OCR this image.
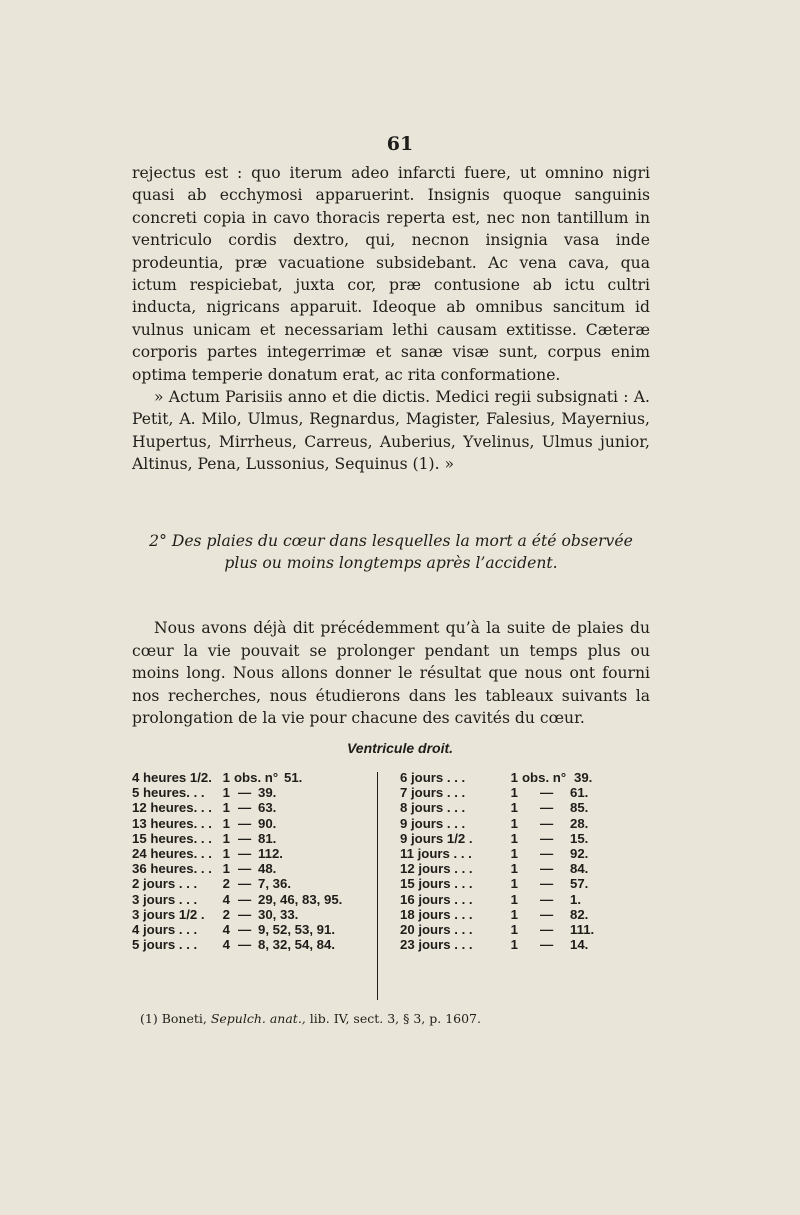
61

rejectus est : quo iterum adeo infarcti fuere, ut omnino nigri quasi ab ecchymosi apparuerint. Insignis quoque sanguinis concreti copia in cavo thoracis reperta est, nec non tantillum in ventriculo cordis dextro, qui, necnon insignia vasa inde prodeuntia, præ vacuatione subsidebant. Ac vena cava, qua ictum respiciebat, juxta cor, præ contusione ab ictu cultri inducta, nigricans apparuit. Ideoque ab omnibus sancitum id vulnus unicam et necessariam lethi causam extitisse. Cæteræ corporis partes integerrimæ et sanæ visæ sunt, corpus enim optima temperie donatum erat, ac rita conformatione.

» Actum Parisiis anno et die dictis. Medici regii subsignati : A. Petit, A. Milo, Ulmus, Regnardus, Magister, Falesius, Mayernius, Hupertus, Mirrheus, Carreus, Auberius, Yvelinus, Ulmus junior, Altinus, Pena, Lussonius, Sequinus (1). »

2° Des plaies du cœur dans lesquelles la mort a été observée plus ou moins longtemps après l’accident.

Nous avons déjà dit précédemment qu’à la suite de plaies du cœur la vie pouvait se prolonger pendant un temps plus ou moins long. Nous allons donner le résultat que nous ont fourni nos recherches, nous étudierons dans les tableaux suivants la prolongation de la vie pour chacune des cavités du cœur.

Ventricule droit.
4 heures 1/2. 1 obs. n° 51.
5 heures. . .	1 — 39.
12 heures. . . 1 — 63.
13 heures. . . 1 — 90.
15 heures. . . 1 — 81.
24 heures. . . 1 — 112.
36 heures. . . 1 — 48.
2 jours . . .	2 — 7, 36.
3 jours . . .	4 — 29, 46, 83, 95.
3 jours 1/2 .	2 — 30, 33.
4 jours . . .	4 — 9, 52, 53, 91.
5 jours . . .	4 — 8, 32, 54, 84.
6 jours . . .	1 obs. n° 39.
7 jours . . .	1 — 61.
8 jours . . .	1 — 85.
9 jours . . .	1 — 28.
9 jours 1/2 .	1 — 15.
11 jours . . .	1 — 92.
12 jours . . .	1 — 84.
15 jours . . .	1 — 57.
16 jours . . .	1 — 1.
18 jours . . .	1 — 82.
20 jours . . .	1 — 111.
23 jours . . .	1 — 14.
(1) Boneti, Sepulch. anat., lib. IV, sect. 3, § 3, p. 1607.
